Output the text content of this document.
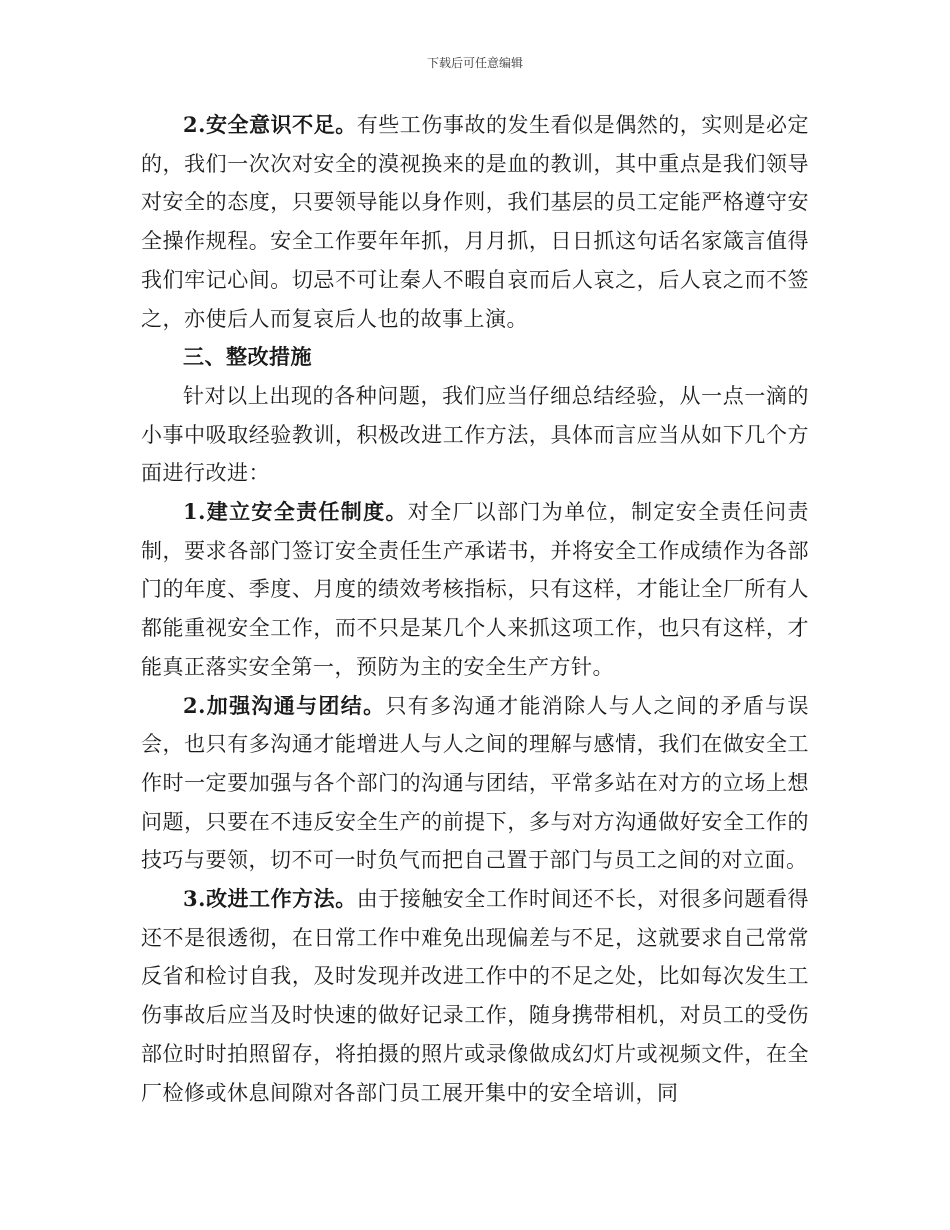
下载后可任意编辑

2.安全意识不足。有些工伤事故的发生看似是偶然的，实则是必定的，我们一次次对安全的漠视换来的是血的教训，其中重点是我们领导对安全的态度，只要领导能以身作则，我们基层的员工定能严格遵守安全操作规程。安全工作要年年抓，月月抓，日日抓这句话名家箴言值得我们牢记心间。切忌不可让秦人不暇自哀而后人哀之，后人哀之而不签之，亦使后人而复哀后人也的故事上演。

三、整改措施

针对以上出现的各种问题，我们应当仔细总结经验，从一点一滴的小事中吸取经验教训，积极改进工作方法，具体而言应当从如下几个方面进行改进：

1.建立安全责任制度。对全厂以部门为单位，制定安全责任问责制，要求各部门签订安全责任生产承诺书，并将安全工作成绩作为各部门的年度、季度、月度的绩效考核指标，只有这样，才能让全厂所有人都能重视安全工作，而不只是某几个人来抓这项工作，也只有这样，才能真正落实安全第一，预防为主的安全生产方针。

2.加强沟通与团结。只有多沟通才能消除人与人之间的矛盾与误会，也只有多沟通才能增进人与人之间的理解与感情，我们在做安全工作时一定要加强与各个部门的沟通与团结，平常多站在对方的立场上想问题，只要在不违反安全生产的前提下，多与对方沟通做好安全工作的技巧与要领，切不可一时负气而把自己置于部门与员工之间的对立面。

3.改进工作方法。由于接触安全工作时间还不长，对很多问题看得还不是很透彻，在日常工作中难免出现偏差与不足，这就要求自己常常反省和检讨自我，及时发现并改进工作中的不足之处，比如每次发生工伤事故后应当及时快速的做好记录工作，随身携带相机，对员工的受伤部位时时拍照留存，将拍摄的照片或录像做成幻灯片或视频文件，在全厂检修或休息间隙对各部门员工展开集中的安全培训，同
